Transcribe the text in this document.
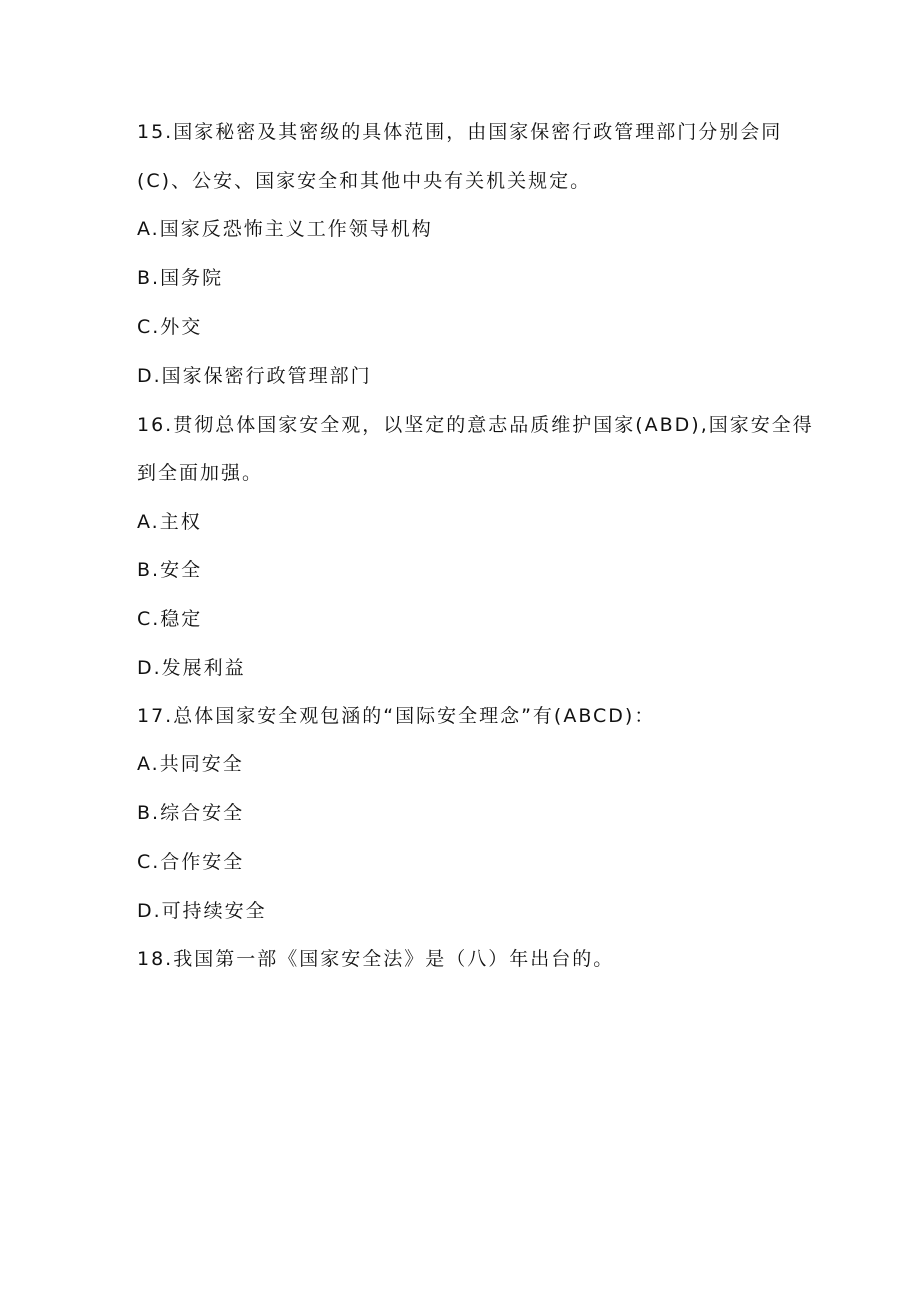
15.国家秘密及其密级的具体范围，由国家保密行政管理部门分别会同
(C)、公安、国家安全和其他中央有关机关规定。
A.国家反恐怖主义工作领导机构
B.国务院
C.外交
D.国家保密行政管理部门
16.贯彻总体国家安全观，以坚定的意志品质维护国家(ABD),国家安全得
到全面加强。
A.主权
B.安全
C.稳定
D.发展利益
17.总体国家安全观包涵的“国际安全理念”有(ABCD)：
A.共同安全
B.综合安全
C.合作安全
D.可持续安全
18.我国第一部《国家安全法》是（八）年出台的。
